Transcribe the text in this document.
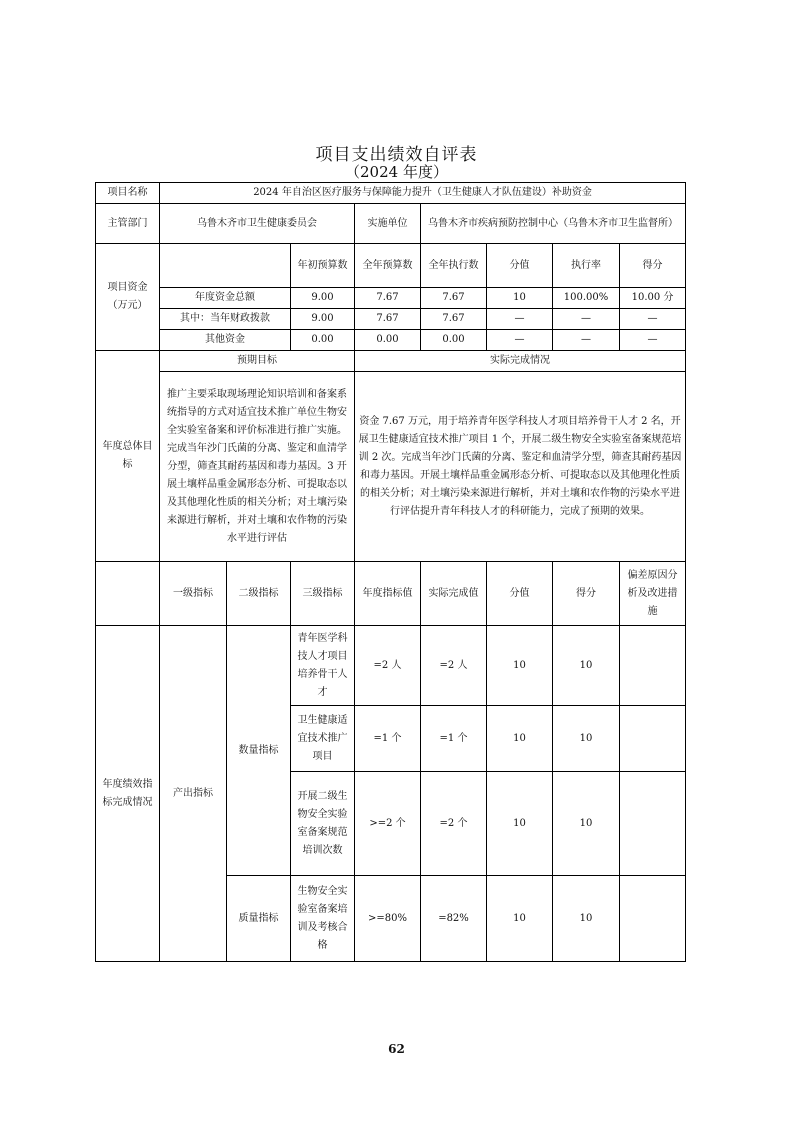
项目支出绩效自评表
（2024 年度）
项目名称	2024 年自治区医疗服务与保障能力提升（卫生健康人才队伍建设）补助资金							
主管部门	乌鲁木齐市卫生健康委员会			实施单位	乌鲁木齐市疾病预防控制中心（乌鲁木齐市卫生监督所）			
项目资金（万元）			年初预算数	全年预算数	全年执行数	分值	执行率	得分
	年度资金总额		9.00	7.67	7.67	10	100.00%	10.00 分
	其中：当年财政拨款		9.00	7.67	7.67	—	—	—
	其他资金		0.00	0.00	0.00	—	—	—
年度总体目标	预期目标			实际完成情况				
	推广主要采取现场理论知识培训和备案系统指导的方式对适宜技术推广单位生物安全实验室备案和评价标准进行推广实施。完成当年沙门氏菌的分离、鉴定和血清学分型，筛查其耐药基因和毒力基因。3 开展土壤样品重金属形态分析、可提取态以及其他理化性质的相关分析；对土壤污染来源进行解析，并对土壤和农作物的污染水平进行评估			资金 7.67 万元，用于培养青年医学科技人才项目培养骨干人才 2 名，开展卫生健康适宜技术推广项目 1 个，开展二级生物安全实验室备案规范培训 2 次。完成当年沙门氏菌的分离、鉴定和血清学分型，筛查其耐药基因和毒力基因。开展土壤样品重金属形态分析、可提取态以及其他理化性质的相关分析；对土壤污染来源进行解析，并对土壤和农作物的污染水平进行评估提升青年科技人才的科研能力，完成了预期的效果。				
	一级指标	二级指标	三级指标	年度指标值	实际完成值	分值	得分	偏差原因分析及改进措施
年度绩效指标完成情况	产出指标	数量指标	青年医学科技人才项目培养骨干人才	=2 人	=2 人	10	10	
			卫生健康适宜技术推广项目	=1 个	=1 个	10	10	
			开展二级生物安全实验室备案规范培训次数	>=2 个	=2 个	10	10	
		质量指标	生物安全实验室备案培训及考核合格	>=80%	=82%	10	10	
62
